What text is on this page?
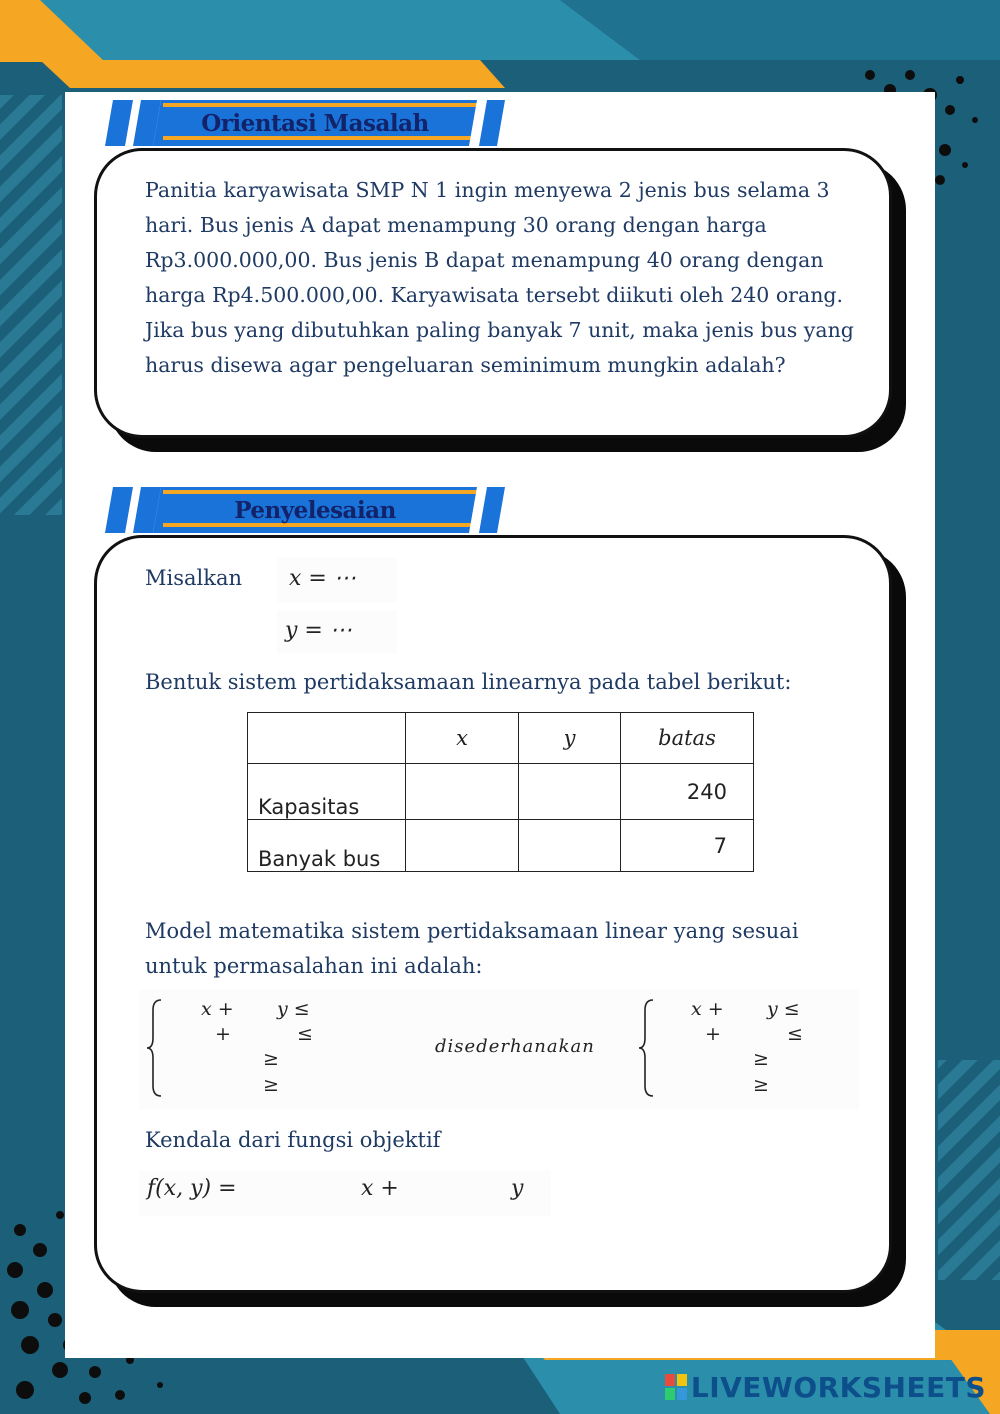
Orientasi Masalah
Panitia karyawisata SMP N 1 ingin menyewa 2 jenis bus selama 3 hari. Bus jenis A dapat menampung 30 orang dengan harga Rp3.000.000,00. Bus jenis B dapat menampung 40 orang dengan harga Rp4.500.000,00. Karyawisata tersebt diikuti oleh 240 orang. Jika bus yang dibutuhkan paling banyak 7 unit, maka jenis bus yang harus disewa agar pengeluaran seminimum mungkin adalah?
Penyelesaian
Misalkan x = ⋯
y = ⋯
Bentuk sistem pertidaksamaan linearnya pada tabel berikut:
	x	y	batas
Kapasitas			240
Banyak bus			7
Model matematika sistem pertidaksamaan linear yang sesuai untuk permasalahan ini adalah:
x + y ≤
+	≤
≥
≥
disederhanakan
x + y ≤
+	≤
≥
≥
Kendala dari fungsi objektif
f(x, y) =	x +	y
LIVEWORKSHEETS
